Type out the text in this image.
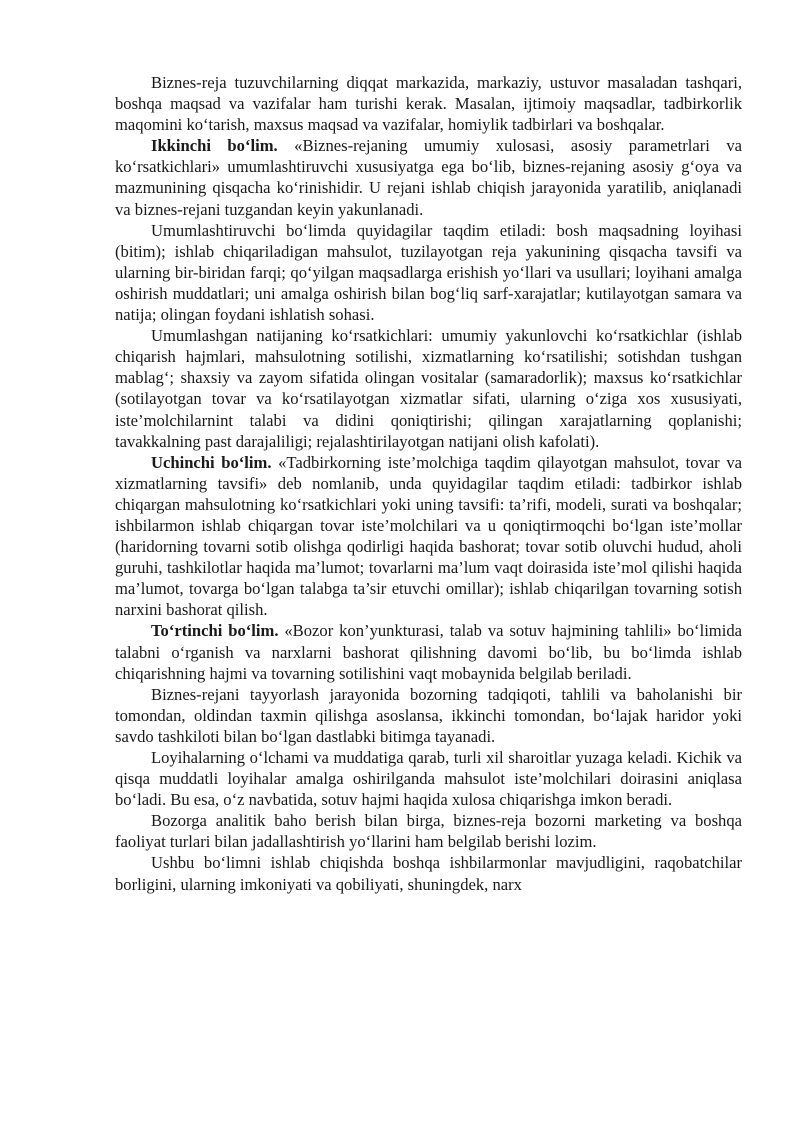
Biznes-reja tuzuvchilarning diqqat markazida, markaziy, ustuvor masaladan tashqari, boshqa maqsad va vazifalar ham turishi kerak. Masalan, ijtimoiy maqsadlar, tadbirkorlik maqomini ko‘tarish, maxsus maqsad va vazifalar, homiylik tadbirlari va boshqalar.

Ikkinchi bo‘lim. «Biznes-rejaning umumiy xulosasi, asosiy parametrlari va ko‘rsatkichlari» umumlashtiruvchi xususiyatga ega bo‘lib, biznes-rejaning asosiy g‘oya va mazmunining qisqacha ko‘rinishidir. U rejani ishlab chiqish jarayonida yaratilib, aniqlanadi va biznes-rejani tuzgandan keyin yakunlanadi.

Umumlashtiruvchi bo‘limda quyidagilar taqdim etiladi: bosh maqsadning loyihasi (bitim); ishlab chiqariladigan mahsulot, tuzilayotgan reja yakunining qisqacha tavsifi va ularning bir-biridan farqi; qo‘yilgan maqsadlarga erishish yo‘llari va usullari; loyihani amalga oshirish muddatlari; uni amalga oshirish bilan bog‘liq sarf-xarajatlar; kutilayotgan samara va natija; olingan foydani ishlatish sohasi.

Umumlashgan natijaning ko‘rsatkichlari: umumiy yakunlovchi ko‘rsatkichlar (ishlab chiqarish hajmlari, mahsulotning sotilishi, xizmatlarning ko‘rsatilishi; sotishdan tushgan mablag‘; shaxsiy va zayom sifatida olingan vositalar (samaradorlik); maxsus ko‘rsatkichlar (sotilayotgan tovar va ko‘rsatilayotgan xizmatlar sifati, ularning o‘ziga xos xususiyati, iste’molchilarnint talabi va didini qoniqtirishi; qilingan xarajatlarning qoplanishi; tavakkalning past darajaliligi; rejalashtirilayotgan natijani olish kafolati).

Uchinchi bo‘lim. «Tadbirkorning iste’molchiga taqdim qilayotgan mahsulot, tovar va xizmatlarning tavsifi» deb nomlanib, unda quyidagilar taqdim etiladi: tadbirkor ishlab chiqargan mahsulotning ko‘rsatkichlari yoki uning tavsifi: ta’rifi, modeli, surati va boshqalar; ishbilarmon ishlab chiqargan tovar iste’molchilari va u qoniqtirmoqchi bo‘lgan iste’mollar (haridorning tovarni sotib olishga qodirligi haqida bashorat; tovar sotib oluvchi hudud, aholi guruhi, tashkilotlar haqida ma’lumot; tovarlarni ma’lum vaqt doirasida iste’mol qilishi haqida ma’lumot, tovarga bo‘lgan talabga ta’sir etuvchi omillar); ishlab chiqarilgan tovarning sotish narxini bashorat qilish.

To‘rtinchi bo‘lim. «Bozor kon’yunkturasi, talab va sotuv hajmining tahlili» bo‘limida talabni o‘rganish va narxlarni bashorat qilishning davomi bo‘lib, bu bo‘limda ishlab chiqarishning hajmi va tovarning sotilishini vaqt mobaynida belgilab beriladi.

Biznes-rejani tayyorlash jarayonida bozorning tadqiqoti, tahlili va baholanishi bir tomondan, oldindan taxmin qilishga asoslansa, ikkinchi tomondan, bo‘lajak haridor yoki savdo tashkiloti bilan bo‘lgan dastlabki bitimga tayanadi.

Loyihalarning o‘lchami va muddatiga qarab, turli xil sharoitlar yuzaga keladi. Kichik va qisqa muddatli loyihalar amalga oshirilganda mahsulot iste’molchilari doirasini aniqlasa bo‘ladi. Bu esa, o‘z navbatida, sotuv hajmi haqida xulosa chiqarishga imkon beradi.

Bozorga analitik baho berish bilan birga, biznes-reja bozorni marketing va boshqa faoliyat turlari bilan jadallashtirish yo‘llarini ham belgilab berishi lozim.

Ushbu bo‘limni ishlab chiqishda boshqa ishbilarmonlar mavjudligini, raqobatchilar borligini, ularning imkoniyati va qobiliyati, shuningdek, narx
